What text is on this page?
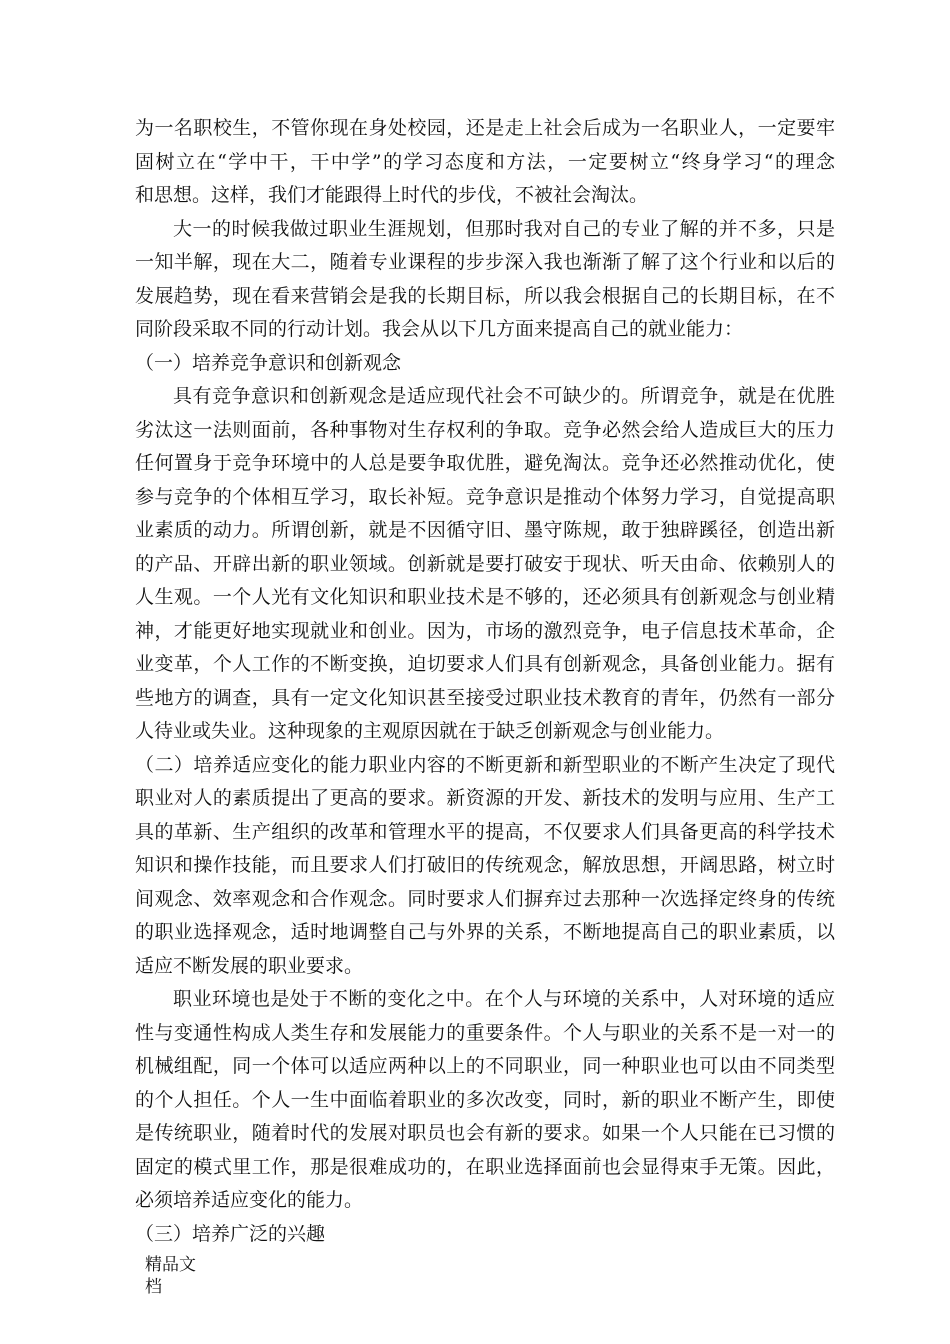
为一名职校生，不管你现在身处校园，还是走上社会后成为一名职业人，一定要牢
固树立在“学中干，干中学”的学习态度和方法，一定要树立“终身学习“的理念
和思想。这样，我们才能跟得上时代的步伐，不被社会淘汰。
大一的时候我做过职业生涯规划，但那时我对自己的专业了解的并不多，只是
一知半解，现在大二，随着专业课程的步步深入我也渐渐了解了这个行业和以后的
发展趋势，现在看来营销会是我的长期目标，所以我会根据自己的长期目标，在不
同阶段采取不同的行动计划。我会从以下几方面来提高自己的就业能力：
（一）培养竞争意识和创新观念
具有竞争意识和创新观念是适应现代社会不可缺少的。所谓竞争，就是在优胜
劣汰这一法则面前，各种事物对生存权利的争取。竞争必然会给人造成巨大的压力
任何置身于竞争环境中的人总是要争取优胜，避免淘汰。竞争还必然推动优化，使
参与竞争的个体相互学习，取长补短。竞争意识是推动个体努力学习，自觉提高职
业素质的动力。所谓创新，就是不因循守旧、墨守陈规，敢于独辟蹊径，创造出新
的产品、开辟出新的职业领域。创新就是要打破安于现状、听天由命、依赖别人的
人生观。一个人光有文化知识和职业技术是不够的，还必须具有创新观念与创业精
神，才能更好地实现就业和创业。因为，市场的激烈竞争，电子信息技术革命，企
业变革，个人工作的不断变换，迫切要求人们具有创新观念，具备创业能力。据有
些地方的调查，具有一定文化知识甚至接受过职业技术教育的青年，仍然有一部分
人待业或失业。这种现象的主观原因就在于缺乏创新观念与创业能力。
（二）培养适应变化的能力职业内容的不断更新和新型职业的不断产生决定了现代
职业对人的素质提出了更高的要求。新资源的开发、新技术的发明与应用、生产工
具的革新、生产组织的改革和管理水平的提高，不仅要求人们具备更高的科学技术
知识和操作技能，而且要求人们打破旧的传统观念，解放思想，开阔思路，树立时
间观念、效率观念和合作观念。同时要求人们摒弃过去那种一次选择定终身的传统
的职业选择观念，适时地调整自己与外界的关系，不断地提高自己的职业素质，以
适应不断发展的职业要求。
职业环境也是处于不断的变化之中。在个人与环境的关系中，人对环境的适应
性与变通性构成人类生存和发展能力的重要条件。个人与职业的关系不是一对一的
机械组配，同一个体可以适应两种以上的不同职业，同一种职业也可以由不同类型
的个人担任。个人一生中面临着职业的多次改变，同时，新的职业不断产生，即使
是传统职业，随着时代的发展对职员也会有新的要求。如果一个人只能在已习惯的
固定的模式里工作，那是很难成功的，在职业选择面前也会显得束手无策。因此，
必须培养适应变化的能力。
（三）培养广泛的兴趣
精品文
档
